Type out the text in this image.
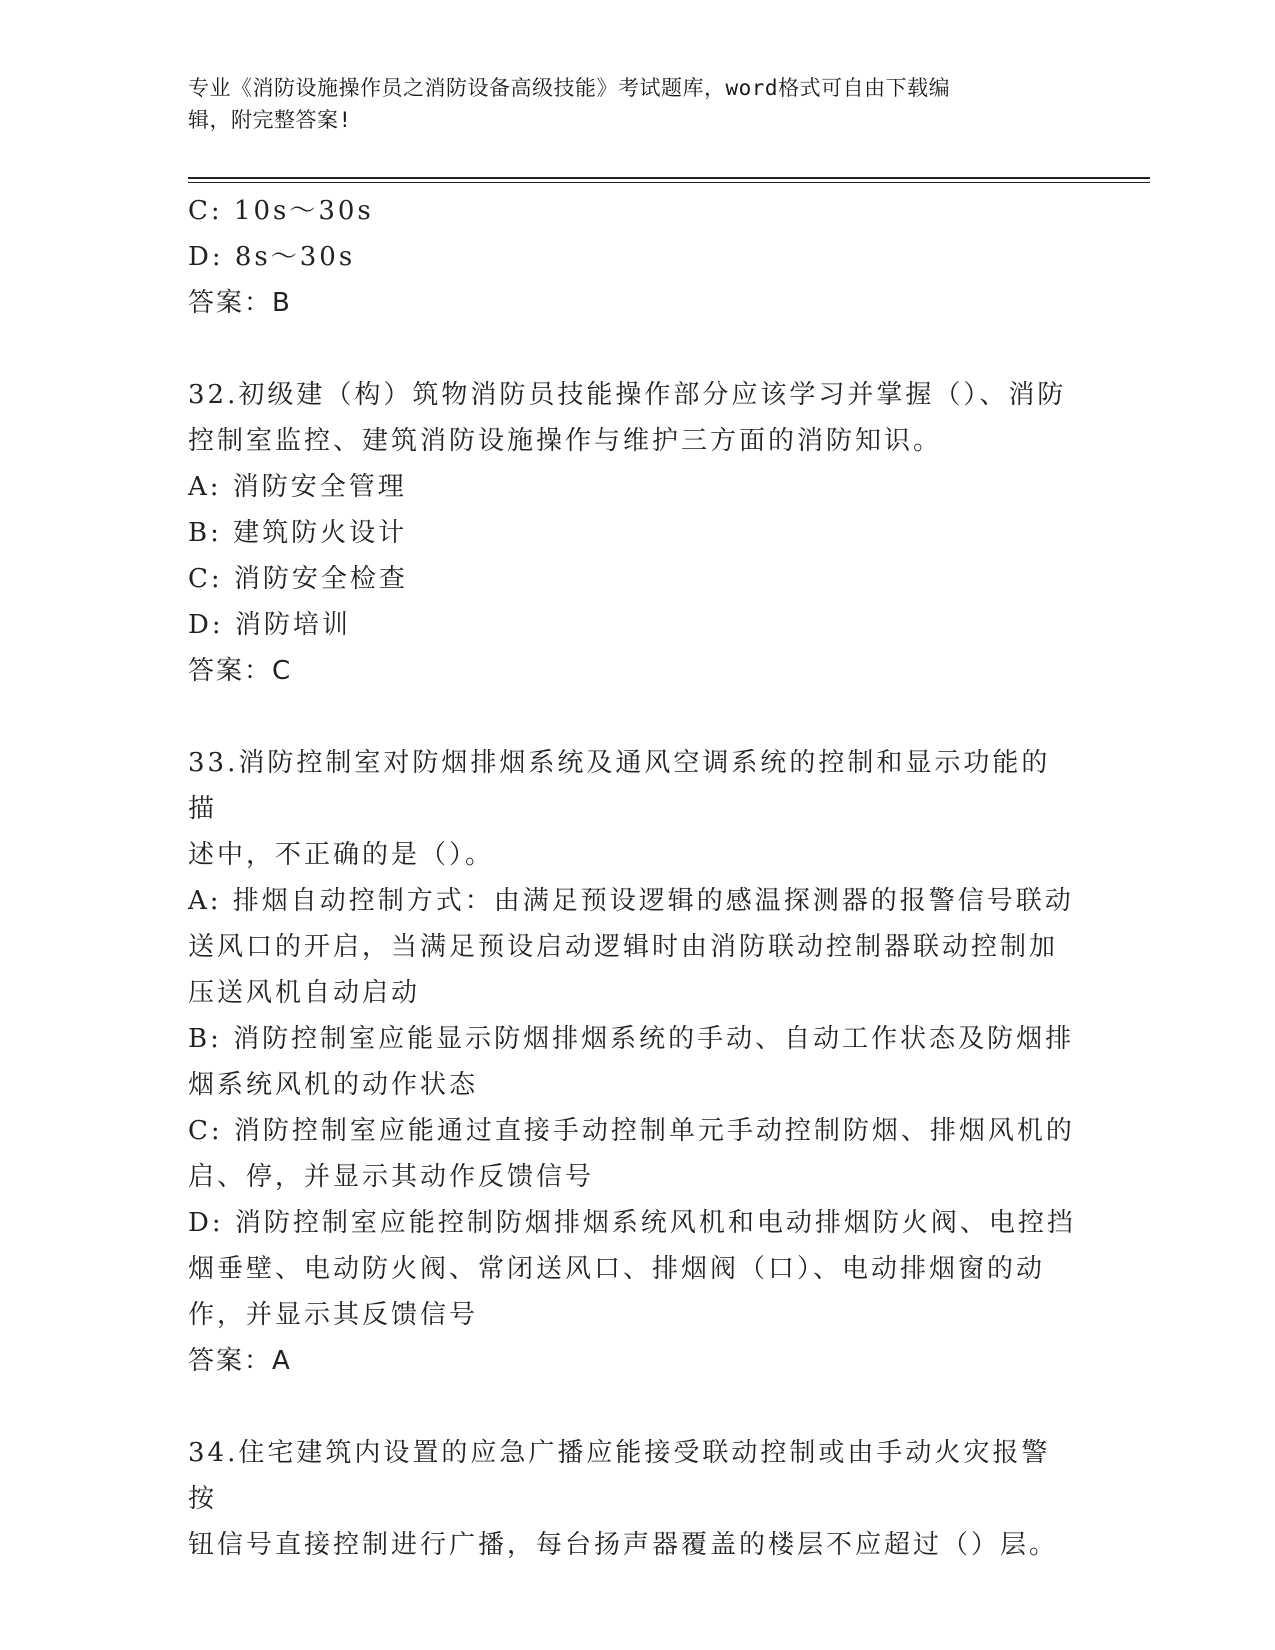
专业《消防设施操作员之消防设备高级技能》考试题库，word格式可自由下载编
辑，附完整答案!

C: 10s～30s

D: 8s～30s

答案：B

32.初级建（构）筑物消防员技能操作部分应该学习并掌握（）、消防

控制室监控、建筑消防设施操作与维护三方面的消防知识。

A: 消防安全管理

B: 建筑防火设计

C: 消防安全检查

D: 消防培训

答案：C

33.消防控制室对防烟排烟系统及通风空调系统的控制和显示功能的描

述中，不正确的是（）。

A: 排烟自动控制方式：由满足预设逻辑的感温探测器的报警信号联动

送风口的开启，当满足预设启动逻辑时由消防联动控制器联动控制加

压送风机自动启动

B: 消防控制室应能显示防烟排烟系统的手动、自动工作状态及防烟排

烟系统风机的动作状态

C: 消防控制室应能通过直接手动控制单元手动控制防烟、排烟风机的

启、停，并显示其动作反馈信号

D: 消防控制室应能控制防烟排烟系统风机和电动排烟防火阀、电控挡

烟垂壁、电动防火阀、常闭送风口、排烟阀（口）、电动排烟窗的动

作，并显示其反馈信号

答案：A

34.住宅建筑内设置的应急广播应能接受联动控制或由手动火灾报警按

钮信号直接控制进行广播，每台扬声器覆盖的楼层不应超过（）层。
